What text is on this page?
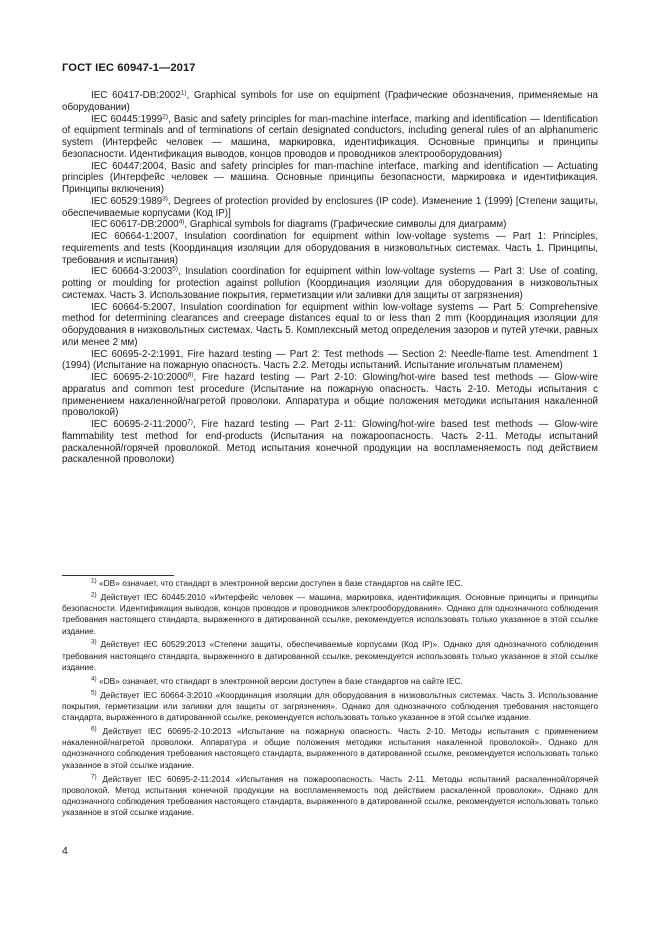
ГОСТ IEC 60947-1—2017

IEC 60417-DB:2002$^{1)}$, Graphical symbols for use on equipment (Графические обозначения, применяемые на оборудовании)

IEC 60445:1999$^{2)}$, Basic and safety principles for man-machine interface, marking and identification — Identification of equipment terminals and of terminations of certain designated conductors, including general rules of an alphanumeric system (Интерфейс человек — машина, маркировка, идентификация. Основные принципы и принципы безопасности. Идентификация выводов, концов проводов и проводников электрооборудования)

IEC 60447:2004, Basic and safety principles for man-machine interface, marking and identification — Actuating principles (Интерфейс человек — машина. Основные принципы безопасности, маркировка и идентификация. Принципы включения)

IEC 60529:1989$^{3)}$, Degrees of protection provided by enclosures (IP code). Изменение 1 (1999) [Степени защиты, обеспечиваемые корпусами (Код IP)]

IEC 60617-DB:2000$^{4)}$, Graphical symbols for diagrams (Графические символы для диаграмм)

IEC 60664-1:2007, Insulation coordination for equipment within low-voltage systems — Part 1: Principles, requirements and tests (Координация изоляции для оборудования в низковольтных системах. Часть 1. Принципы, требования и испытания)

IEC 60664-3:2003$^{5)}$, Insulation coordination for equipment within low-voltage systems — Part 3: Use of coating, potting or moulding for protection against pollution (Координация изоляции для оборудования в низковольтных системах. Часть 3. Использование покрытия, герметизации или заливки для защиты от загрязнения)

IEC 60664-5:2007, Insulation coordination for equipment within low-voltage systems — Part 5: Comprehensive method for determining clearances and creepage distances equal to or less than 2 mm (Координация изоляции для оборудования в низковольтных системах. Часть 5. Комплексный метод определения зазоров и путей утечки, равных или менее 2 мм)

IEC 60695-2-2:1991, Fire hazard testing — Part 2: Test methods — Section 2: Needle-flame test. Amendment 1 (1994) (Испытание на пожарную опасность. Часть 2.2. Методы испытаний. Испытание игольчатым пламенем)

IEC 60695-2-10:2000$^{6)}$, Fire hazard testing — Part 2-10: Glowing/hot-wire based test methods — Glow-wire apparatus and common test procedure (Испытание на пожарную опасность. Часть 2-10. Методы испытания с применением накаленной/нагретой проволоки. Аппаратура и общие положения методики испытания накаленной проволокой)

IEC 60695-2-11:2000$^{7)}$, Fire hazard testing — Part 2-11: Glowing/hot-wire based test methods — Glow-wire flammability test method for end-products (Испытания на пожароопасность. Часть 2-11. Методы испытаний раскаленной/горячей проволокой. Метод испытания конечной продукции на воспламеняемость под действием раскаленной проволоки)

$^{1)}$ «DB» означает, что стандарт в электронной версии доступен в базе стандартов на сайте IEC.

$^{2)}$ Действует IEC 60445:2010 «Интерфейс человек — машина, маркировка, идентификация. Основные принципы и принципы безопасности. Идентификация выводов, концов проводов и проводников электрооборудования». Однако для однозначного соблюдения требования настоящего стандарта, выраженного в датированной ссылке, рекомендуется использовать только указанное в этой ссылке издание.

$^{3)}$ Действует IEC 60529:2013 «Степени защиты, обеспечиваемые корпусами (Код IP)». Однако для однозначного соблюдения требования настоящего стандарта, выраженного в датированной ссылке, рекомендуется использовать только указанное в этой ссылке издание.

$^{4)}$ «DB» означает, что стандарт в электронной версии доступен в базе стандартов на сайте IEC.

$^{5)}$ Действует IEC 60664-3:2010 «Координация изоляции для оборудования в низковольтных системах. Часть 3. Использование покрытия, герметизации или заливки для защиты от загрязнения». Однако для однозначного соблюдения требования настоящего стандарта, выраженного в датированной ссылке, рекомендуется использовать только указанное в этой ссылке издание.

$^{6)}$ Действует IEC 60695-2-10:2013 «Испытание на пожарную опасность. Часть 2-10. Методы испытания с применением накаленной/нагретой проволоки. Аппаратура и общие положения методики испытания накаленной проволокой». Однако для однозначного соблюдения требования настоящего стандарта, выраженного в датированной ссылке, рекомендуется использовать только указанное в этой ссылке издание.

$^{7)}$ Действует IEC 60695-2-11:2014 «Испытания на пожароопасность. Часть 2-11. Методы испытаний раскаленной/горячей проволокой. Метод испытания конечной продукции на воспламеняемость под действием раскаленной проволоки». Однако для однозначного соблюдения требования настоящего стандарта, выраженного в датированной ссылке, рекомендуется использовать только указанное в этой ссылке издание.

4
